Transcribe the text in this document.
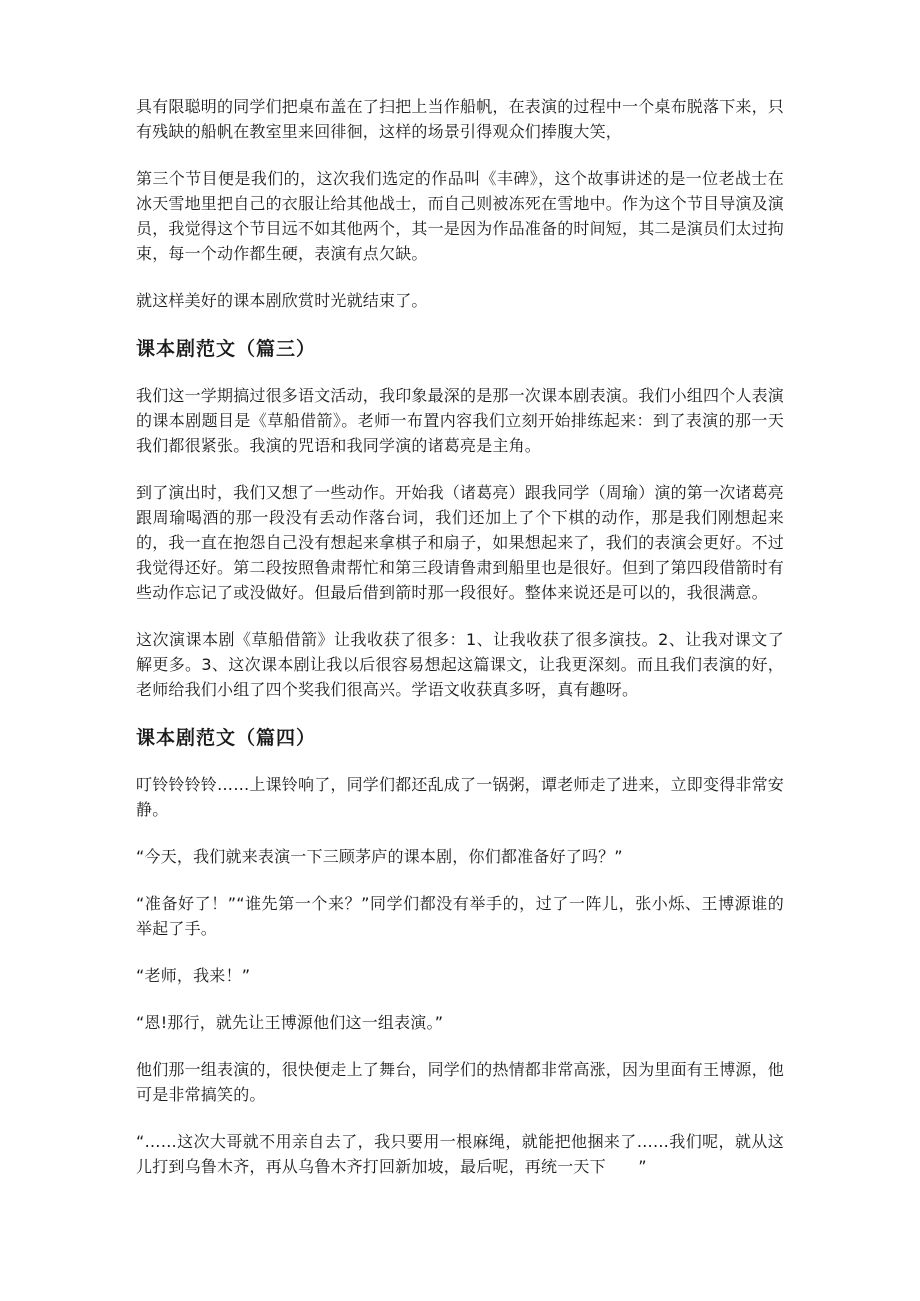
具有限聪明的同学们把桌布盖在了扫把上当作船帆，在表演的过程中一个桌布脱落下来，只有残缺的船帆在教室里来回徘徊，这样的场景引得观众们捧腹大笑，

第三个节目便是我们的，这次我们选定的作品叫《丰碑》，这个故事讲述的是一位老战士在冰天雪地里把自己的衣服让给其他战士，而自己则被冻死在雪地中。作为这个节目导演及演员，我觉得这个节目远不如其他两个，其一是因为作品准备的时间短，其二是演员们太过拘束，每一个动作都生硬，表演有点欠缺。

就这样美好的课本剧欣赏时光就结束了。

课本剧范文（篇三）

我们这一学期搞过很多语文活动，我印象最深的是那一次课本剧表演。我们小组四个人表演的课本剧题目是《草船借箭》。老师一布置内容我们立刻开始排练起来：到了表演的那一天我们都很紧张。我演的咒语和我同学演的诸葛亮是主角。

到了演出时，我们又想了一些动作。开始我（诸葛亮）跟我同学（周瑜）演的第一次诸葛亮跟周瑜喝酒的那一段没有丢动作落台词，我们还加上了个下棋的动作，那是我们刚想起来的，我一直在抱怨自己没有想起来拿棋子和扇子，如果想起来了，我们的表演会更好。不过我觉得还好。第二段按照鲁肃帮忙和第三段请鲁肃到船里也是很好。但到了第四段借箭时有些动作忘记了或没做好。但最后借到箭时那一段很好。整体来说还是可以的，我很满意。

这次演课本剧《草船借箭》让我收获了很多：1、让我收获了很多演技。2、让我对课文了解更多。3、这次课本剧让我以后很容易想起这篇课文，让我更深刻。而且我们表演的好，老师给我们小组了四个奖我们很高兴。学语文收获真多呀，真有趣呀。

课本剧范文（篇四）

叮铃铃铃铃……上课铃响了，同学们都还乱成了一锅粥，谭老师走了进来，立即变得非常安静。

“今天，我们就来表演一下三顾茅庐的课本剧，你们都准备好了吗？”

“准备好了！”“谁先第一个来？”同学们都没有举手的，过了一阵儿，张小烁、王博源谁的举起了手。

“老师，我来！”

“恩!那行，就先让王博源他们这一组表演。”

他们那一组表演的，很快便走上了舞台，同学们的热情都非常高涨，因为里面有王博源，他可是非常搞笑的。

“……这次大哥就不用亲自去了，我只要用一根麻绳，就能把他捆来了……我们呢，就从这儿打到乌鲁木齐，再从乌鲁木齐打回新加坡，最后呢，再统一天下　　”
